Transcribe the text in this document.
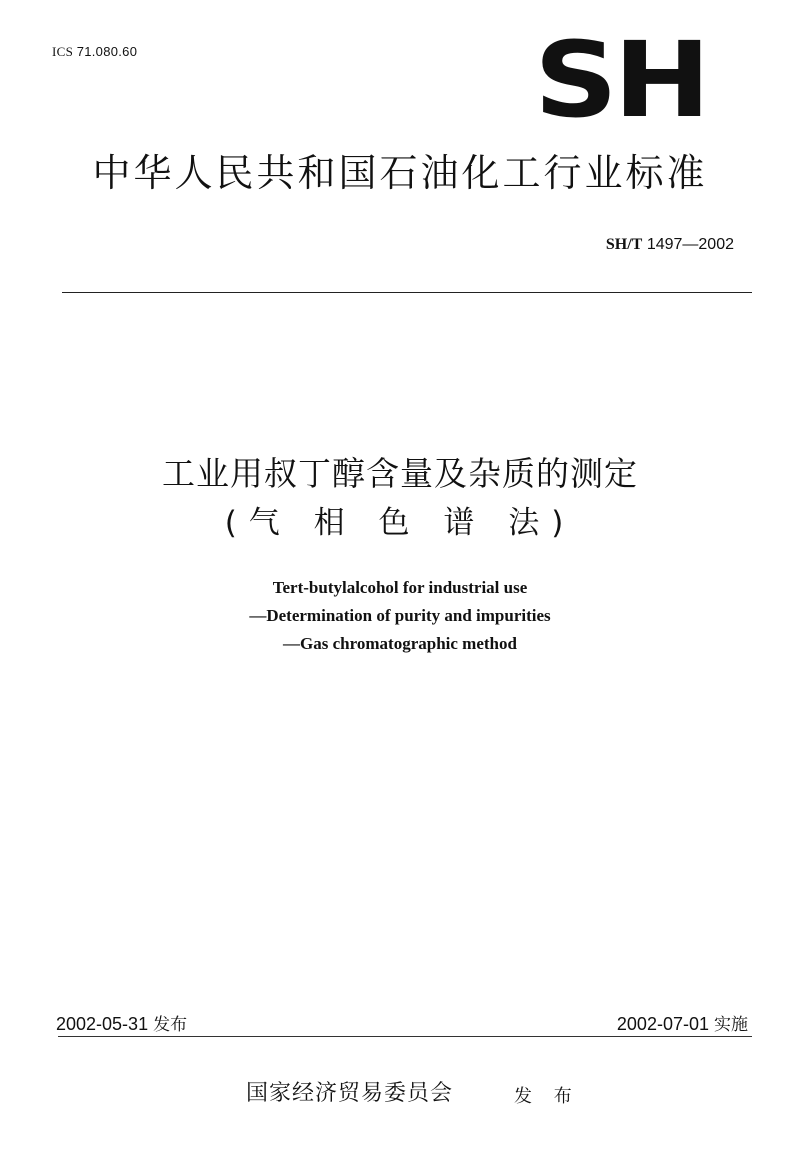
ICS 71.080.60	SH
中华人民共和国石油化工行业标准
SH/T 1497—2002
工业用叔丁醇含量及杂质的测定
(气 相 色 谱 法)
Tert-butylalcohol for industrial use
—Determination of purity and impurities
—Gas chromatographic method
2002-05-31 发布	2002-07-01 实施
国家经济贸易委员会	发 布
